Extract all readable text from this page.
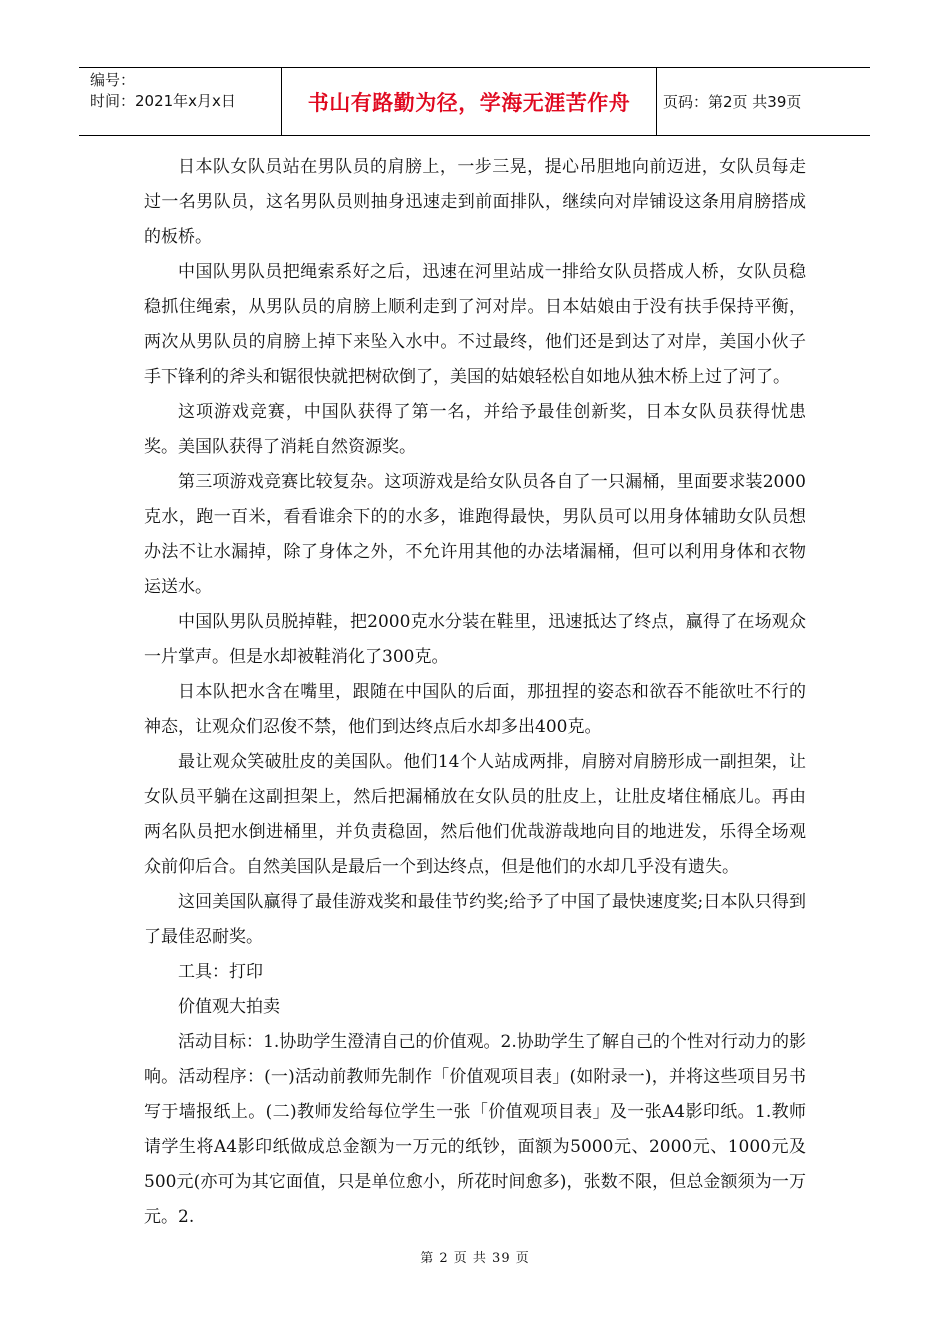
编号：
时间：2021年x月x日	书山有路勤为径，学海无涯苦作舟	页码：第2页 共39页

日本队女队员站在男队员的肩膀上，一步三晃，提心吊胆地向前迈进，女队员每走过一名男队员，这名男队员则抽身迅速走到前面排队，继续向对岸铺设这条用肩膀搭成的板桥。

中国队男队员把绳索系好之后，迅速在河里站成一排给女队员搭成人桥，女队员稳稳抓住绳索，从男队员的肩膀上顺利走到了河对岸。日本姑娘由于没有扶手保持平衡，两次从男队员的肩膀上掉下来坠入水中。不过最终，他们还是到达了对岸，美国小伙子手下锋利的斧头和锯很快就把树砍倒了，美国的姑娘轻松自如地从独木桥上过了河了。

这项游戏竞赛，中国队获得了第一名，并给予最佳创新奖，日本女队员获得忧患奖。美国队获得了消耗自然资源奖。

第三项游戏竞赛比较复杂。这项游戏是给女队员各自了一只漏桶，里面要求装2000克水，跑一百米，看看谁余下的的水多，谁跑得最快，男队员可以用身体辅助女队员想办法不让水漏掉，除了身体之外，不允许用其他的办法堵漏桶，但可以利用身体和衣物运送水。

中国队男队员脱掉鞋，把2000克水分装在鞋里，迅速抵达了终点，赢得了在场观众一片掌声。但是水却被鞋消化了300克。

日本队把水含在嘴里，跟随在中国队的后面，那扭捏的姿态和欲吞不能欲吐不行的神态，让观众们忍俊不禁，他们到达终点后水却多出400克。

最让观众笑破肚皮的美国队。他们14个人站成两排，肩膀对肩膀形成一副担架，让女队员平躺在这副担架上，然后把漏桶放在女队员的肚皮上，让肚皮堵住桶底儿。再由两名队员把水倒进桶里，并负责稳固，然后他们优哉游哉地向目的地进发，乐得全场观众前仰后合。自然美国队是最后一个到达终点，但是他们的水却几乎没有遗失。

这回美国队赢得了最佳游戏奖和最佳节约奖;给予了中国了最快速度奖;日本队只得到了最佳忍耐奖。

工具：打印

价值观大拍卖

活动目标：1.协助学生澄清自己的价值观。2.协助学生了解自己的个性对行动力的影响。活动程序：(一)活动前教师先制作「价值观项目表」(如附录一)，并将这些项目另书写于墙报纸上。(二)教师发给每位学生一张「价值观项目表」及一张A4影印纸。1.教师请学生将A4影印纸做成总金额为一万元的纸钞，面额为5000元、2000元、1000元及500元(亦可为其它面值，只是单位愈小，所花时间愈多)，张数不限，但总金额须为一万元。2.

第 2 页 共 39 页
